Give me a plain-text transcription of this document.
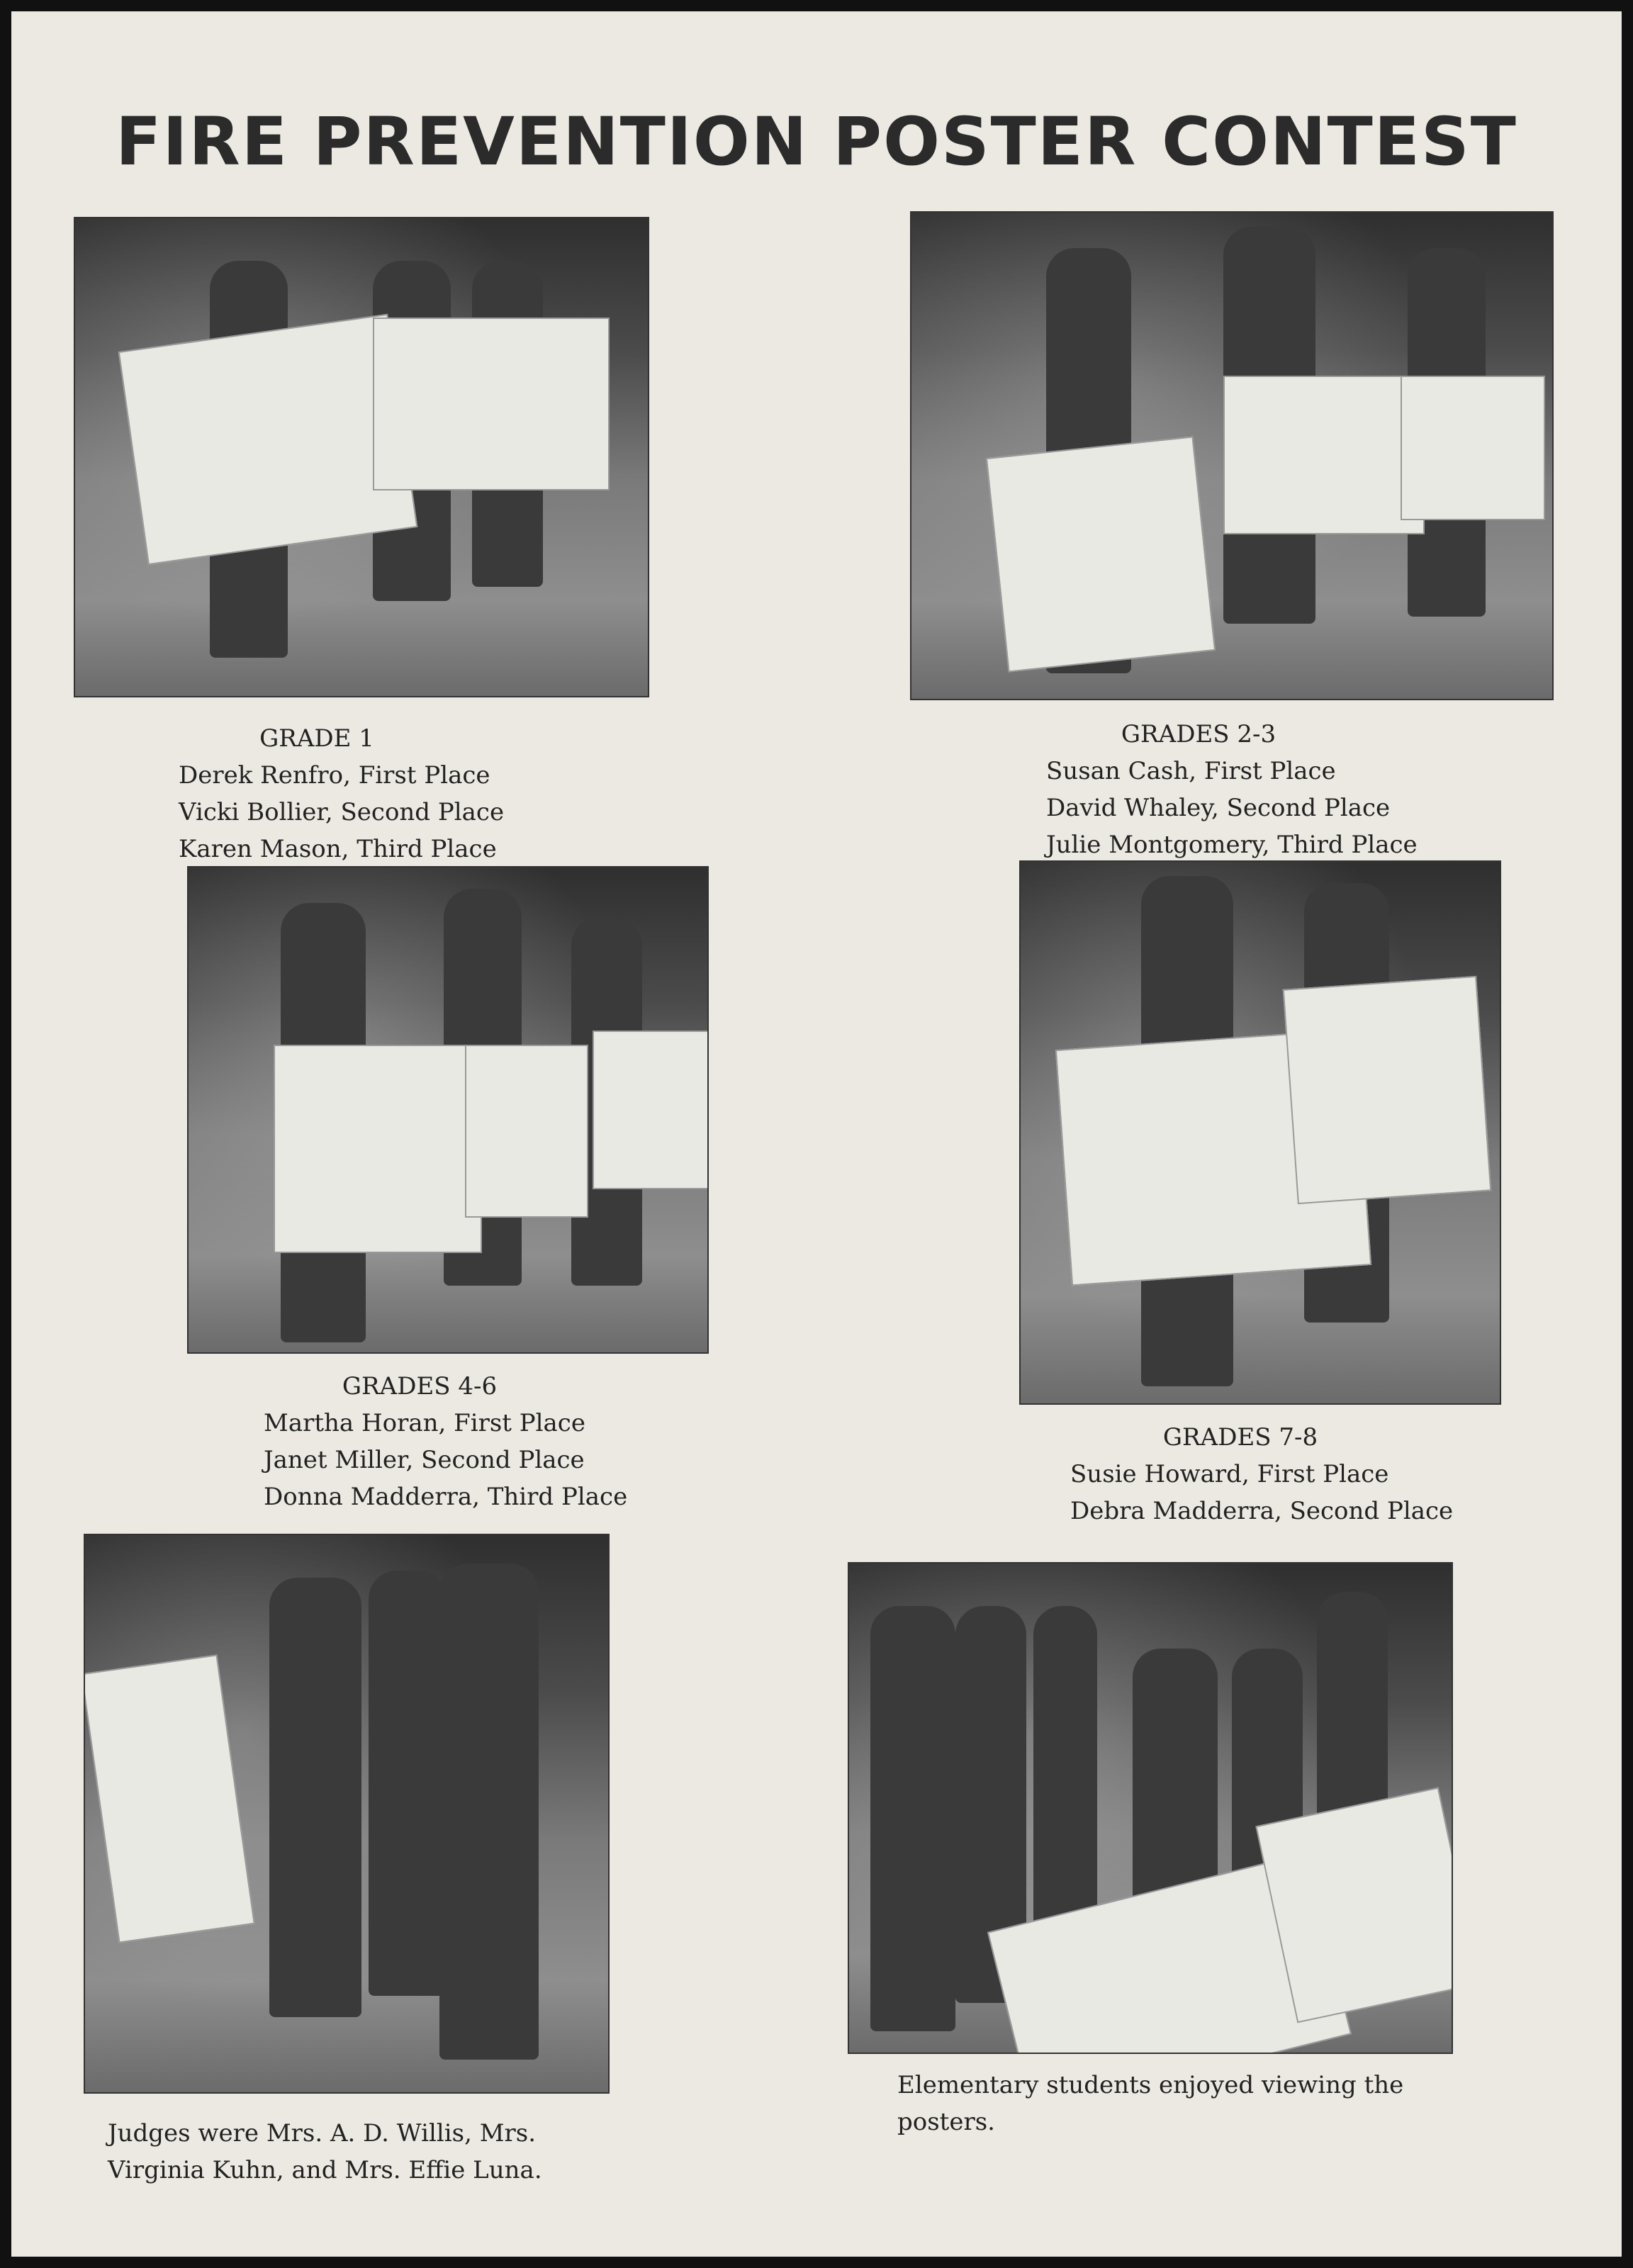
FIRE PREVENTION POSTER CONTEST
GRADE 1
Derek Renfro, First Place
Vicki Bollier, Second Place
Karen Mason, Third Place
GRADES 2-3
Susan Cash, First Place
David Whaley, Second Place
Julie Montgomery, Third Place
GRADES 4-6
Martha Horan, First Place
Janet Miller, Second Place
Donna Madderra, Third Place
GRADES 7-8
Susie Howard, First Place
Debra Madderra, Second Place
Judges were Mrs. A. D. Willis, Mrs.
Virginia Kuhn, and Mrs. Effie Luna.
Elementary students enjoyed viewing the
posters.
